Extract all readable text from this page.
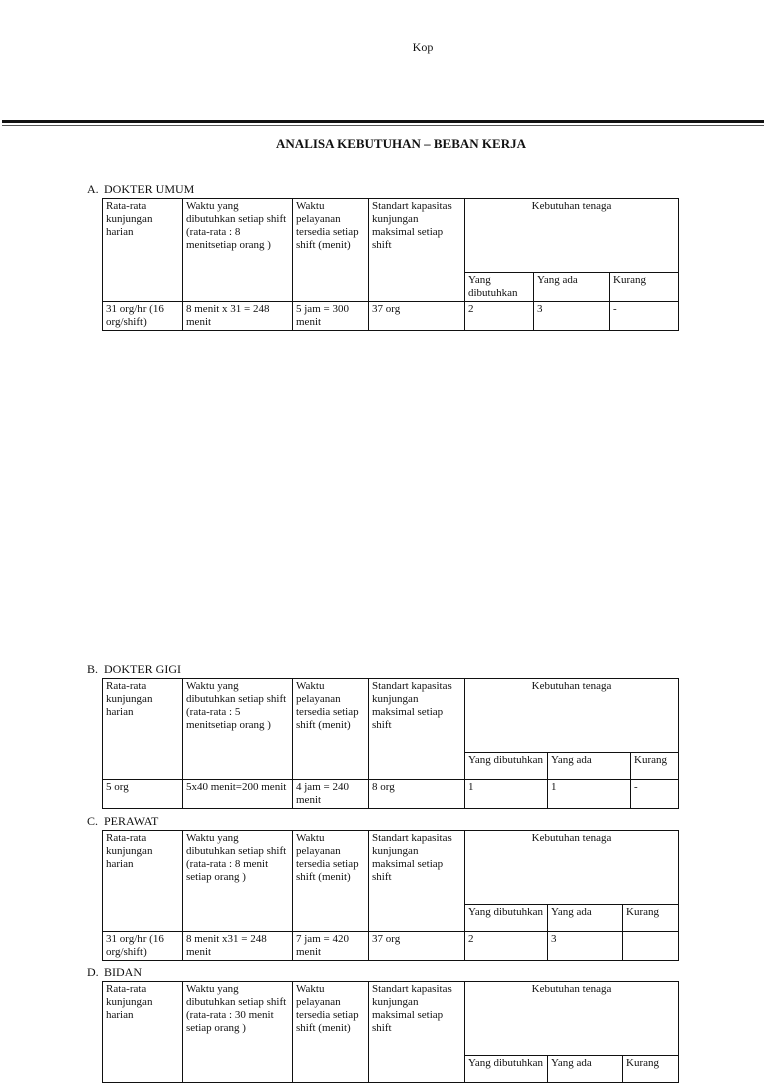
Kop
ANALISA KEBUTUHAN – BEBAN KERJA
A. DOKTER UMUM
Rata-rata kunjungan harian	Waktu yang dibutuhkan setiap shift (rata-rata : 8 menitsetiap orang )	Waktu pelayanan tersedia setiap shift (menit)	Standart kapasitas kunjungan maksimal setiap shift	Kebutuhan tenaga		
				Yang dibutuhkan	Yang ada	Kurang
31 org/hr (16 org/shift)	8 menit x 31 = 248 menit	5 jam = 300 menit	37 org	2	3	-
B. DOKTER GIGI
Rata-rata kunjungan harian	Waktu yang dibutuhkan setiap shift (rata-rata : 5 menitsetiap orang )	Waktu pelayanan tersedia setiap shift (menit)	Standart kapasitas kunjungan maksimal setiap shift	Kebutuhan tenaga		
				Yang dibutuhkan	Yang ada	Kurang
5 org	5x40 menit=200 menit	4 jam = 240 menit	8 org	1	1	-
C. PERAWAT
Rata-rata kunjungan harian	Waktu yang dibutuhkan setiap shift (rata-rata : 8 menit setiap orang )	Waktu pelayanan tersedia setiap shift (menit)	Standart kapasitas kunjungan maksimal setiap shift	Kebutuhan tenaga		
				Yang dibutuhkan	Yang ada	Kurang
31 org/hr (16 org/shift)	8 menit x31 = 248 menit	7 jam = 420 menit	37 org	2	3	
D. BIDAN
Rata-rata kunjungan harian	Waktu yang dibutuhkan setiap shift (rata-rata : 30 menit setiap orang )	Waktu pelayanan tersedia setiap shift (menit)	Standart kapasitas kunjungan maksimal setiap shift	Kebutuhan tenaga		
				Yang dibutuhkan	Yang ada	Kurang
